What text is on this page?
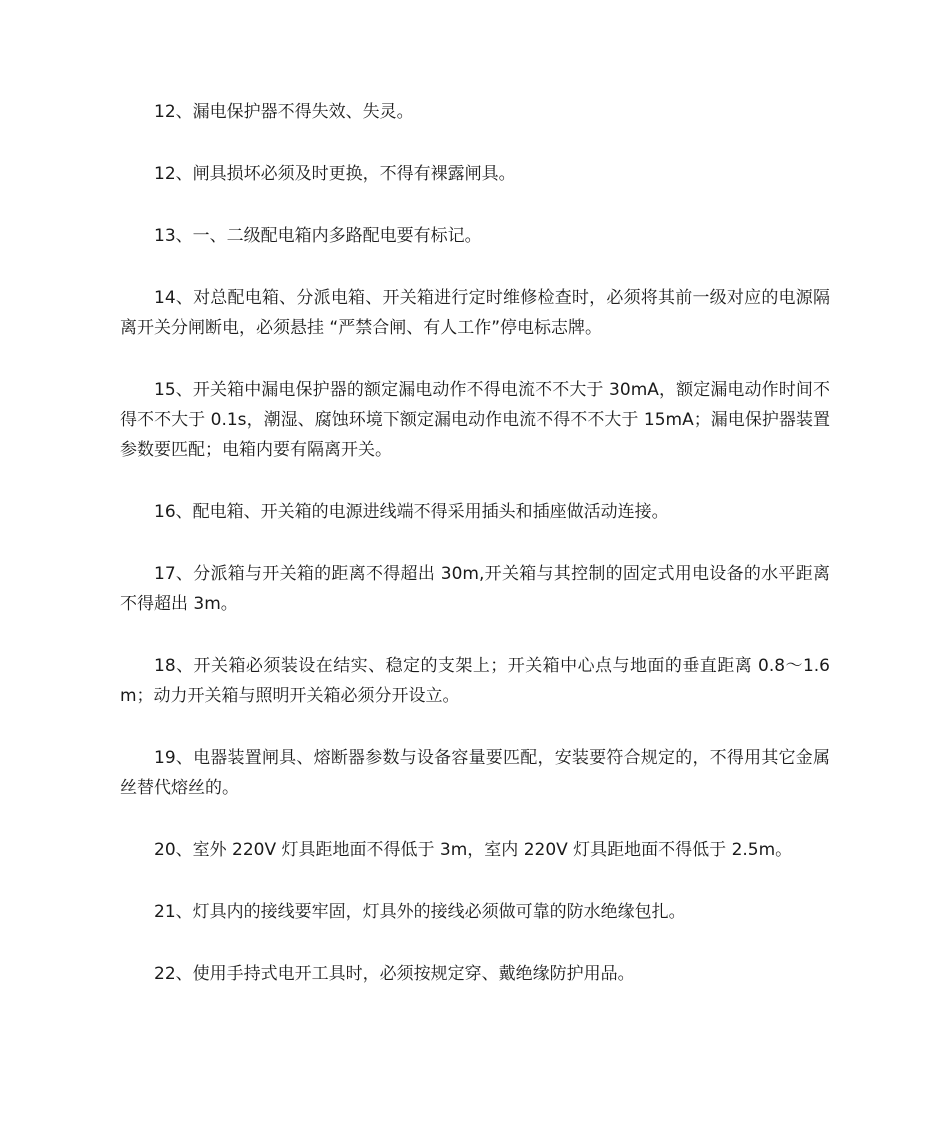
12、漏电保护器不得失效、失灵。

12、闸具损坏必须及时更换，不得有裸露闸具。

13、一、二级配电箱内多路配电要有标记。

14、对总配电箱、分派电箱、开关箱进行定时维修检查时，必须将其前一级对应的电源隔离开关分闸断电，必须悬挂 “严禁合闸、有人工作”停电标志牌。

15、开关箱中漏电保护器的额定漏电动作不得电流不不大于 30mA，额定漏电动作时间不得不不大于 0.1s，潮湿、腐蚀环境下额定漏电动作电流不得不不大于 15mA；漏电保护器装置参数要匹配；电箱内要有隔离开关。

16、配电箱、开关箱的电源进线端不得采用插头和插座做活动连接。

17、分派箱与开关箱的距离不得超出 30m,开关箱与其控制的固定式用电设备的水平距离不得超出 3m。

18、开关箱必须装设在结实、稳定的支架上；开关箱中心点与地面的垂直距离 0.8～1.6m；动力开关箱与照明开关箱必须分开设立。

19、电器装置闸具、熔断器参数与设备容量要匹配，安装要符合规定的，不得用其它金属丝替代熔丝的。

20、室外 220V 灯具距地面不得低于 3m，室内 220V 灯具距地面不得低于 2.5m。

21、灯具内的接线要牢固，灯具外的接线必须做可靠的防水绝缘包扎。

22、使用手持式电开工具时，必须按规定穿、戴绝缘防护用品。
